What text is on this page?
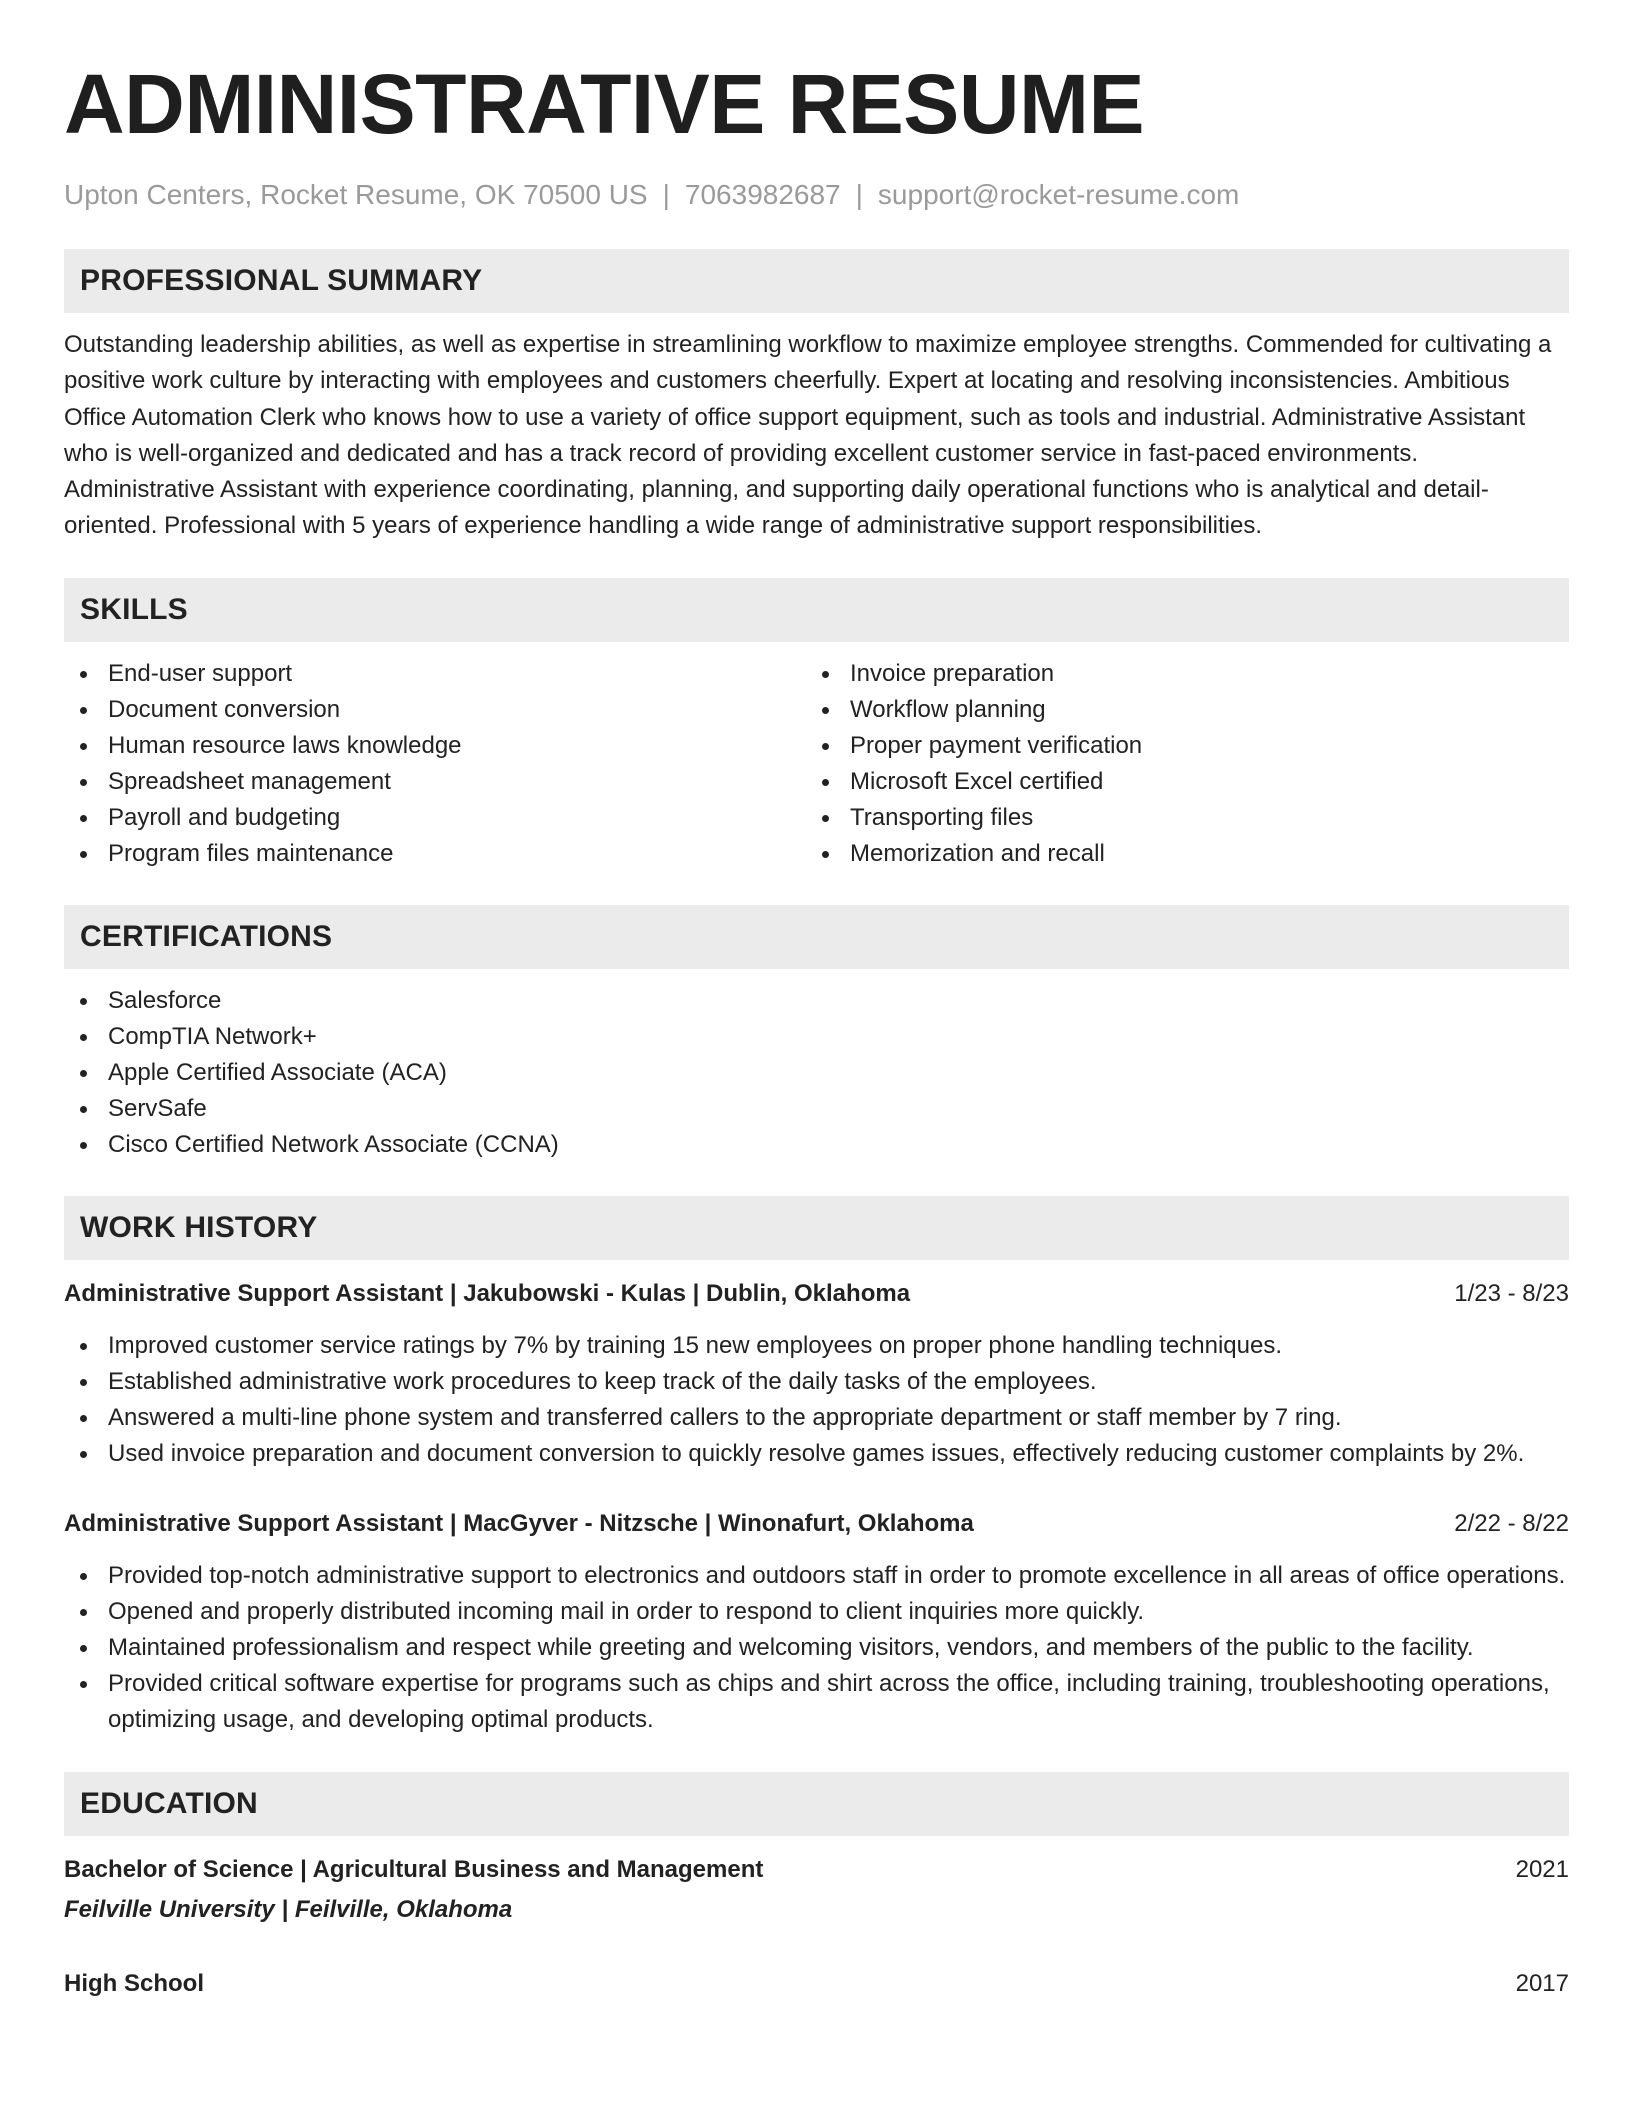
ADMINISTRATIVE RESUME
Upton Centers, Rocket Resume, OK 70500 US | 7063982687 | support@rocket-resume.com
PROFESSIONAL SUMMARY
Outstanding leadership abilities, as well as expertise in streamlining workflow to maximize employee strengths. Commended for cultivating a positive work culture by interacting with employees and customers cheerfully. Expert at locating and resolving inconsistencies. Ambitious Office Automation Clerk who knows how to use a variety of office support equipment, such as tools and industrial. Administrative Assistant who is well-organized and dedicated and has a track record of providing excellent customer service in fast-paced environments. Administrative Assistant with experience coordinating, planning, and supporting daily operational functions who is analytical and detail-oriented. Professional with 5 years of experience handling a wide range of administrative support responsibilities.
SKILLS
End-user support
Document conversion
Human resource laws knowledge
Spreadsheet management
Payroll and budgeting
Program files maintenance
Invoice preparation
Workflow planning
Proper payment verification
Microsoft Excel certified
Transporting files
Memorization and recall
CERTIFICATIONS
Salesforce
CompTIA Network+
Apple Certified Associate (ACA)
ServSafe
Cisco Certified Network Associate (CCNA)
WORK HISTORY
Administrative Support Assistant | Jakubowski - Kulas | Dublin, Oklahoma	1/23 - 8/23
Improved customer service ratings by 7% by training 15 new employees on proper phone handling techniques.
Established administrative work procedures to keep track of the daily tasks of the employees.
Answered a multi-line phone system and transferred callers to the appropriate department or staff member by 7 ring.
Used invoice preparation and document conversion to quickly resolve games issues, effectively reducing customer complaints by 2%.
Administrative Support Assistant | MacGyver - Nitzsche | Winonafurt, Oklahoma	2/22 - 8/22
Provided top-notch administrative support to electronics and outdoors staff in order to promote excellence in all areas of office operations.
Opened and properly distributed incoming mail in order to respond to client inquiries more quickly.
Maintained professionalism and respect while greeting and welcoming visitors, vendors, and members of the public to the facility.
Provided critical software expertise for programs such as chips and shirt across the office, including training, troubleshooting operations, optimizing usage, and developing optimal products.
EDUCATION
Bachelor of Science | Agricultural Business and Management	2021
Feilville University | Feilville, Oklahoma
High School	2017
